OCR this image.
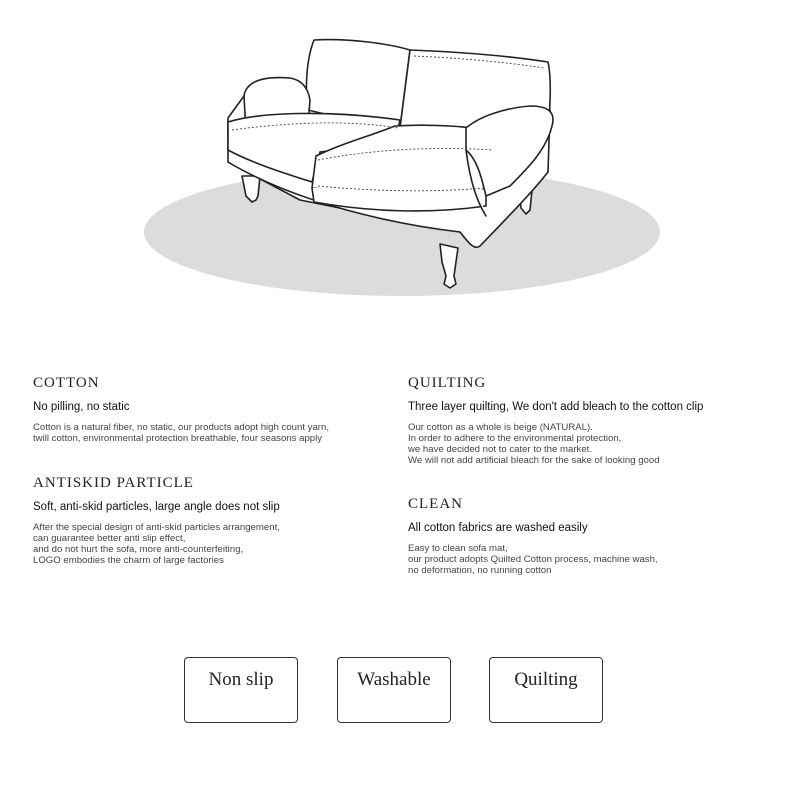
COTTON

No pilling, no static

Cotton is a natural fiber, no static, our products adopt high count yarn,
twill cotton, environmental protection breathable, four seasons apply
ANTISKID PARTICLE

Soft, anti-skid particles, large angle does not slip

After the special design of anti-skid particles arrangement,
can guarantee better anti slip effect,
and do not hurt the sofa, more anti-counterfeiting,
LOGO embodies the charm of large factories
QUILTING

Three layer quilting, We don't add bleach to the cotton clip

Our cotton as a whole is beige (NATURAL).
In order to adhere to the environmental protection,
we have decided not to cater to the market.
We will not add artificial bleach for the sake of looking good
CLEAN

All cotton fabrics are washed easily

Easy to clean sofa mat,
our product adopts Quilted Cotton process, machine wash,
no deformation, no running cotton
Non slip	Washable	Quilting
